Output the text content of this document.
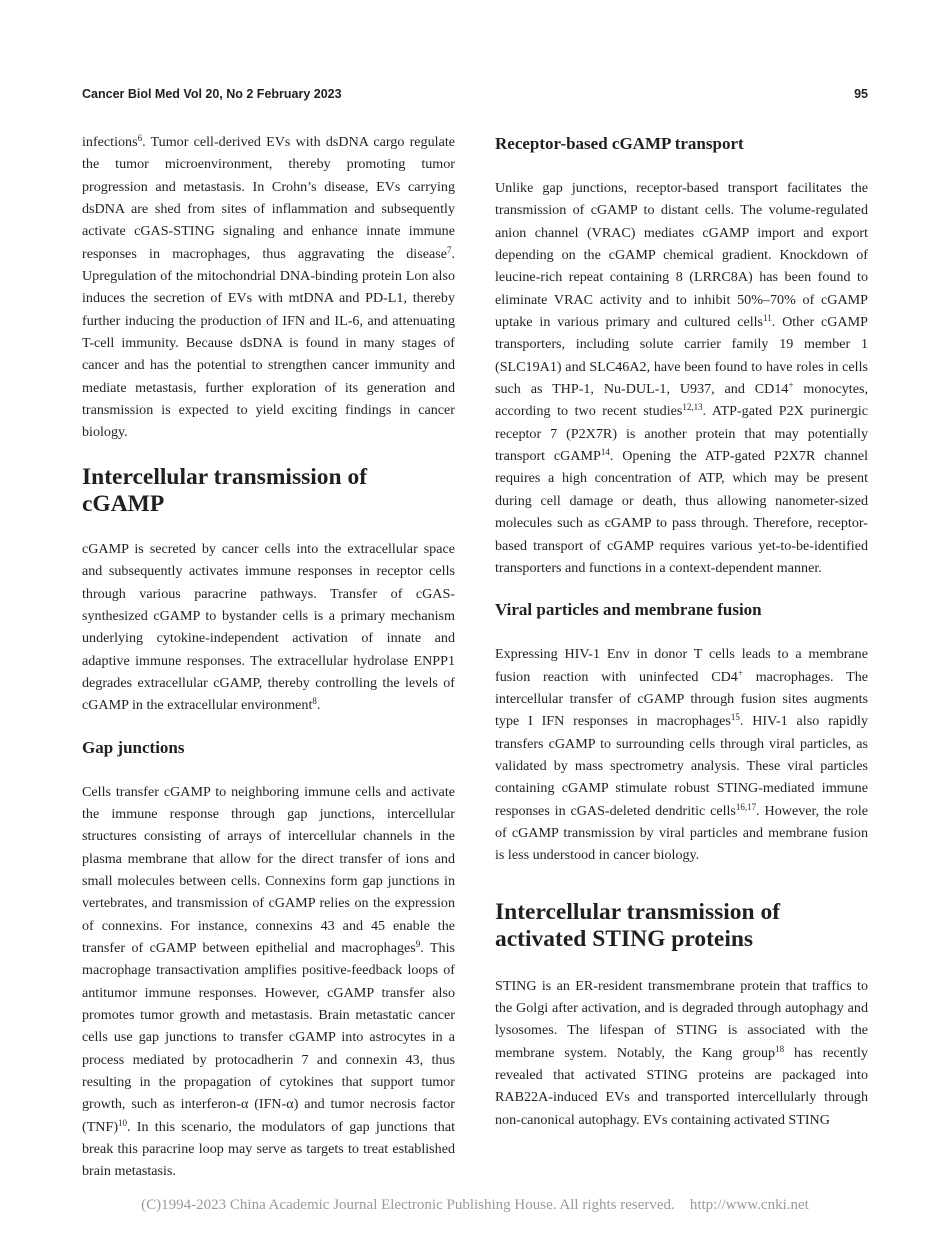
Cancer Biol Med Vol 20, No 2 February 2023	95

infections$^6$. Tumor cell-derived EVs with dsDNA cargo regulate the tumor microenvironment, thereby promoting tumor progression and metastasis. In Crohn’s disease, EVs carrying dsDNA are shed from sites of inflammation and subsequently activate cGAS-STING signaling and enhance innate immune responses in macrophages, thus aggravating the disease$^7$. Upregulation of the mitochondrial DNA-binding protein Lon also induces the secretion of EVs with mtDNA and PD-L1, thereby further inducing the production of IFN and IL-6, and attenuating T-cell immunity. Because dsDNA is found in many stages of cancer and has the potential to strengthen cancer immunity and mediate metastasis, further exploration of its generation and transmission is expected to yield exciting findings in cancer biology.

Intercellular transmission of cGAMP

cGAMP is secreted by cancer cells into the extracellular space and subsequently activates immune responses in receptor cells through various paracrine pathways. Transfer of cGAS-synthesized cGAMP to bystander cells is a primary mechanism underlying cytokine-independent activation of innate and adaptive immune responses. The extracellular hydrolase ENPP1 degrades extracellular cGAMP, thereby controlling the levels of cGAMP in the extracellular environment$^8$.

Gap junctions

Cells transfer cGAMP to neighboring immune cells and activate the immune response through gap junctions, intercellular structures consisting of arrays of intercellular channels in the plasma membrane that allow for the direct transfer of ions and small molecules between cells. Connexins form gap junctions in vertebrates, and transmission of cGAMP relies on the expression of connexins. For instance, connexins 43 and 45 enable the transfer of cGAMP between epithelial and macrophages$^9$. This macrophage transactivation amplifies positive-feedback loops of antitumor immune responses. However, cGAMP transfer also promotes tumor growth and metastasis. Brain metastatic cancer cells use gap junctions to transfer cGAMP into astrocytes in a process mediated by protocadherin 7 and connexin 43, thus resulting in the propagation of cytokines that support tumor growth, such as interferon-α (IFN-α) and tumor necrosis factor (TNF)$^{10}$. In this scenario, the modulators of gap junctions that break this paracrine loop may serve as targets to treat established brain metastasis.

Receptor-based cGAMP transport

Unlike gap junctions, receptor-based transport facilitates the transmission of cGAMP to distant cells. The volume-regulated anion channel (VRAC) mediates cGAMP import and export depending on the cGAMP chemical gradient. Knockdown of leucine-rich repeat containing 8 (LRRC8A) has been found to eliminate VRAC activity and to inhibit 50%–70% of cGAMP uptake in various primary and cultured cells$^{11}$. Other cGAMP transporters, including solute carrier family 19 member 1 (SLC19A1) and SLC46A2, have been found to have roles in cells such as THP-1, Nu-DUL-1, U937, and CD14+ monocytes, according to two recent studies$^{12,13}$. ATP-gated P2X purinergic receptor 7 (P2X7R) is another protein that may potentially transport cGAMP$^{14}$. Opening the ATP-gated P2X7R channel requires a high concentration of ATP, which may be present during cell damage or death, thus allowing nanometer-sized molecules such as cGAMP to pass through. Therefore, receptor-based transport of cGAMP requires various yet-to-be-identified transporters and functions in a context-dependent manner.

Viral particles and membrane fusion

Expressing HIV-1 Env in donor T cells leads to a membrane fusion reaction with uninfected CD4+ macrophages. The intercellular transfer of cGAMP through fusion sites augments type I IFN responses in macrophages$^{15}$. HIV-1 also rapidly transfers cGAMP to surrounding cells through viral particles, as validated by mass spectrometry analysis. These viral particles containing cGAMP stimulate robust STING-mediated immune responses in cGAS-deleted dendritic cells$^{16,17}$. However, the role of cGAMP transmission by viral particles and membrane fusion is less understood in cancer biology.

Intercellular transmission of
activated STING proteins

STING is an ER-resident transmembrane protein that traffics to the Golgi after activation, and is degraded through autophagy and lysosomes. The lifespan of STING is associated with the membrane system. Notably, the Kang group$^{18}$ has recently revealed that activated STING proteins are packaged into RAB22A-induced EVs and transported intercellularly through non-canonical autophagy. EVs containing activated STING

(C)1994-2023 China Academic Journal Electronic Publishing House. All rights reserved. http://www.cnki.net
